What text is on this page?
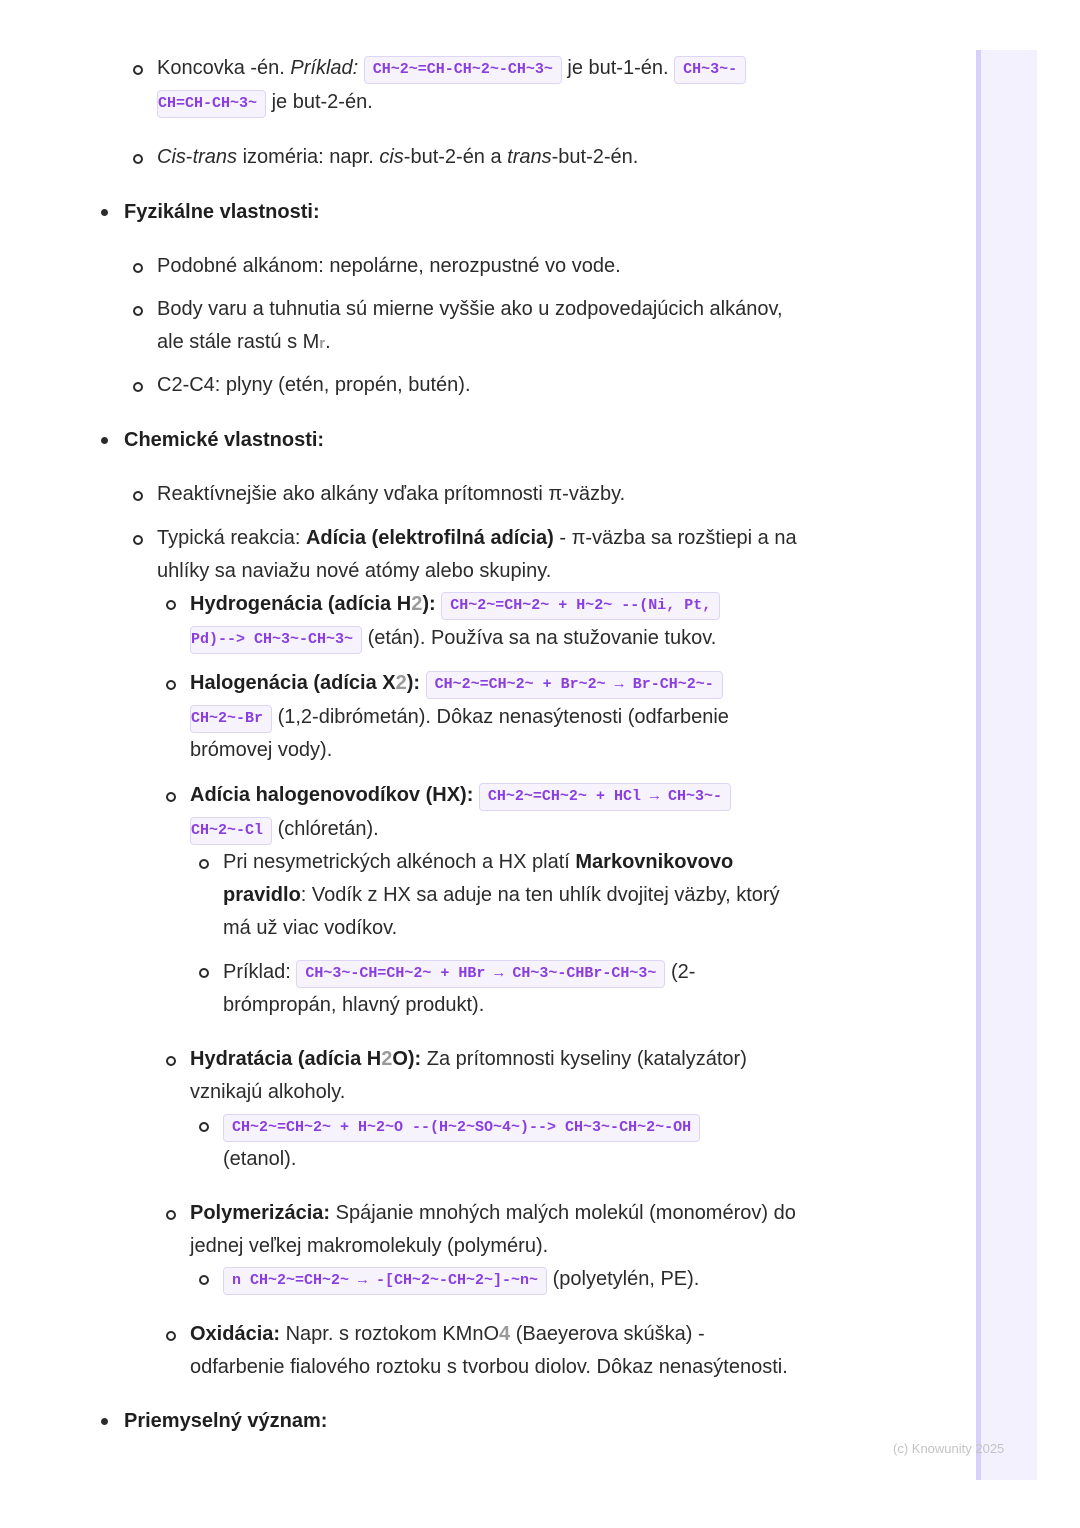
Koncovka -én. Príklad: CH~2~=CH-CH~2~-CH~3~ je but-1-én. CH~3~-
CH=CH-CH~3~ je but-2-én.
Cis-trans izoméria: napr. cis-but-2-én a trans-but-2-én.
Fyzikálne vlastnosti:
Podobné alkánom: nepolárne, nerozpustné vo vode.
Body varu a tuhnutia sú mierne vyššie ako u zodpovedajúcich alkánov,
ale stále rastú s Mr.
C2-C4: plyny (etén, propén, butén).
Chemické vlastnosti:
Reaktívnejšie ako alkány vďaka prítomnosti π-väzby.
Typická reakcia: Adícia (elektrofilná adícia) - π-väzba sa rozštiepi a na
uhlíky sa naviažu nové atómy alebo skupiny.
Hydrogenácia (adícia H2): CH~2~=CH~2~ + H~2~ --(Ni, Pt,
Pd)--> CH~3~-CH~3~ (etán). Používa sa na stužovanie tukov.
Halogenácia (adícia X2): CH~2~=CH~2~ + Br~2~ → Br-CH~2~-
CH~2~-Br (1,2-dibrómetán). Dôkaz nenasýtenosti (odfarbenie
brómovej vody).
Adícia halogenovodíkov (HX): CH~2~=CH~2~ + HCl → CH~3~-
CH~2~-Cl (chlóretán).
Pri nesymetrických alkénoch a HX platí Markovnikovovo
pravidlo: Vodík z HX sa aduje na ten uhlík dvojitej väzby, ktorý
má už viac vodíkov.
Príklad: CH~3~-CH=CH~2~ + HBr → CH~3~-CHBr-CH~3~ (2-
brómpropán, hlavný produkt).
Hydratácia (adícia H2O): Za prítomnosti kyseliny (katalyzátor)
vznikajú alkoholy.
CH~2~=CH~2~ + H~2~O --(H~2~SO~4~)--> CH~3~-CH~2~-OH
(etanol).
Polymerizácia: Spájanie mnohých malých molekúl (monomérov) do
jednej veľkej makromolekuly (polyméru).
n CH~2~=CH~2~ → -[CH~2~-CH~2~]-~n~ (polyetylén, PE).
Oxidácia: Napr. s roztokom KMnO4 (Baeyerova skúška) -
odfarbenie fialového roztoku s tvorbou diolov. Dôkaz nenasýtenosti.
Priemyselný význam:
(c) Knowunity 2025
